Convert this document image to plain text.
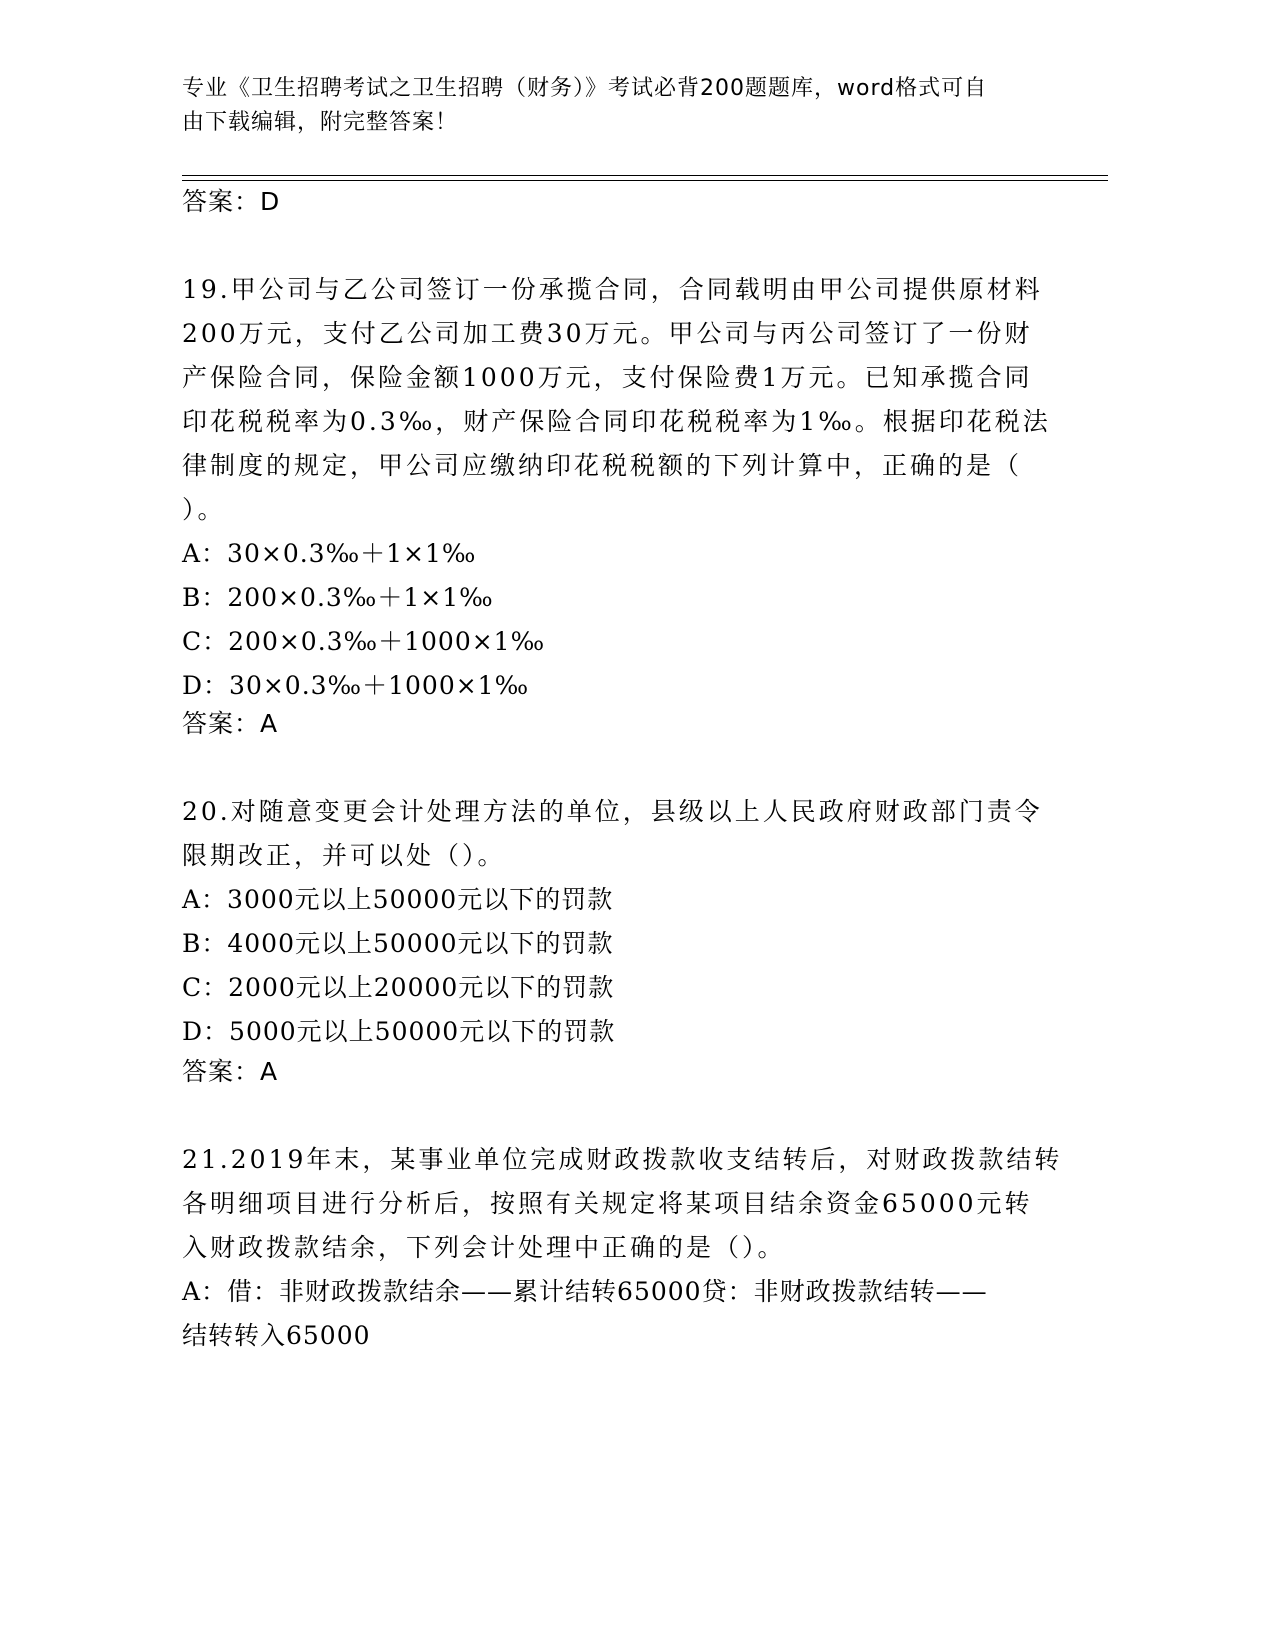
专业《卫生招聘考试之卫生招聘（财务）》考试必背200题题库，word格式可自
由下载编辑，附完整答案！
答案：D
19.甲公司与乙公司签订一份承揽合同，合同载明由甲公司提供原材料
200万元，支付乙公司加工费30万元。甲公司与丙公司签订了一份财
产保险合同，保险金额1000万元，支付保险费1万元。已知承揽合同
印花税税率为0.3‰，财产保险合同印花税税率为1‰。根据印花税法
律制度的规定，甲公司应缴纳印花税税额的下列计算中，正确的是（
）。
A：30×0.3‰＋1×1‰
B：200×0.3‰＋1×1‰
C：200×0.3‰＋1000×1‰
D：30×0.3‰＋1000×1‰
答案：A
20.对随意变更会计处理方法的单位，县级以上人民政府财政部门责令
限期改正，并可以处（）。
A：3000元以上50000元以下的罚款
B：4000元以上50000元以下的罚款
C：2000元以上20000元以下的罚款
D：5000元以上50000元以下的罚款
答案：A
21.2019年末，某事业单位完成财政拨款收支结转后，对财政拨款结转
各明细项目进行分析后，按照有关规定将某项目结余资金65000元转
入财政拨款结余，下列会计处理中正确的是（）。
A：借：非财政拨款结余——累计结转65000贷：非财政拨款结转——
结转转入65000
